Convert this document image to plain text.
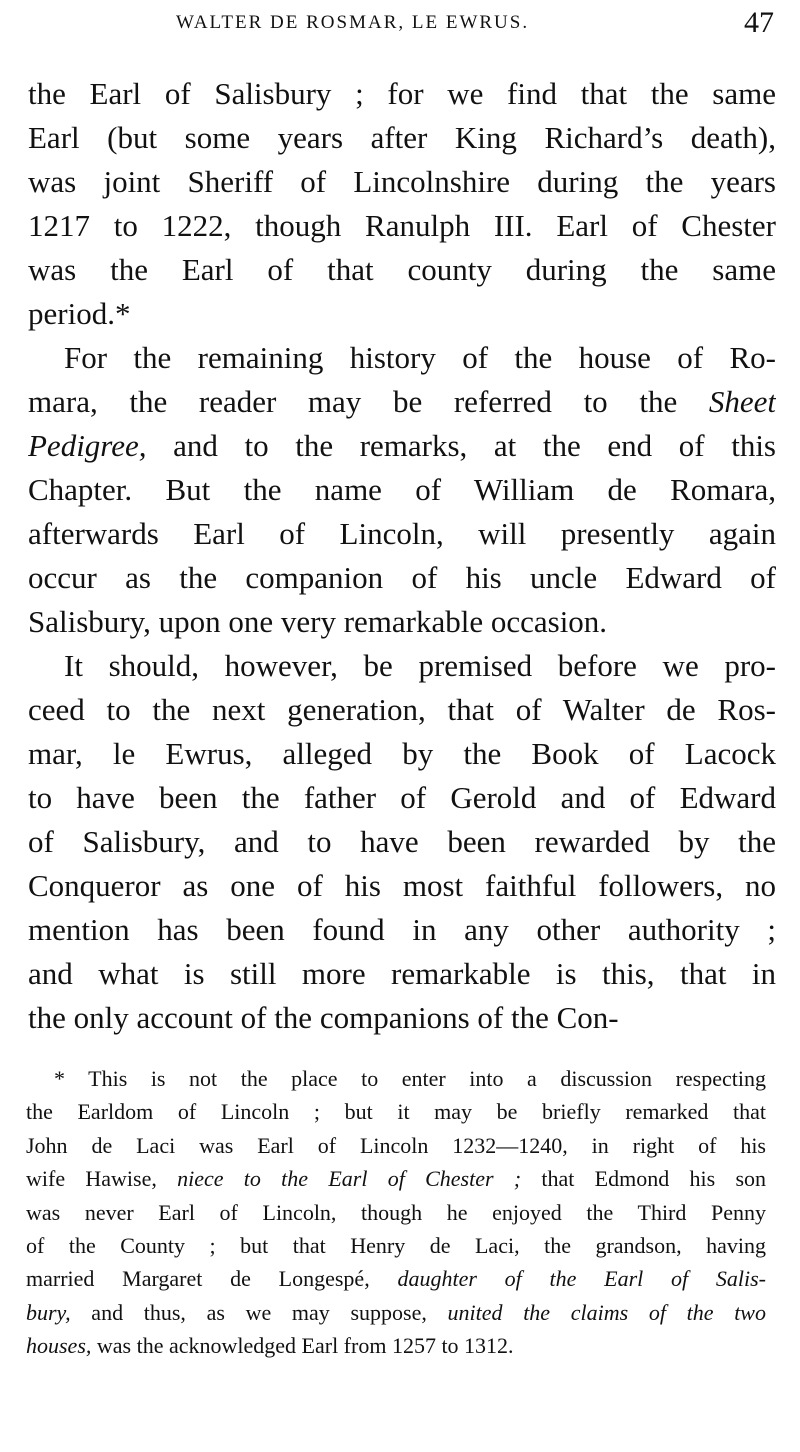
WALTER DE ROSMAR, LE EWRUS.	47
the Earl of Salisbury ; for we find that the same
Earl (but some years after King Richard’s death),
was joint Sheriff of Lincolnshire during the years
1217 to 1222, though Ranulph III. Earl of Chester
was the Earl of that county during the same
period.*
For the remaining history of the house of Ro-
mara, the reader may be referred to the Sheet
Pedigree, and to the remarks, at the end of this
Chapter. But the name of William de Romara,
afterwards Earl of Lincoln, will presently again
occur as the companion of his uncle Edward of
Salisbury, upon one very remarkable occasion.
It should, however, be premised before we pro-
ceed to the next generation, that of Walter de Ros-
mar, le Ewrus, alleged by the Book of Lacock
to have been the father of Gerold and of Edward
of Salisbury, and to have been rewarded by the
Conqueror as one of his most faithful followers, no
mention has been found in any other authority ;
and what is still more remarkable is this, that in
the only account of the companions of the Con-
* This is not the place to enter into a discussion respecting
the Earldom of Lincoln ; but it may be briefly remarked that
John de Laci was Earl of Lincoln 1232—1240, in right of his
wife Hawise, niece to the Earl of Chester ; that Edmond his son
was never Earl of Lincoln, though he enjoyed the Third Penny
of the County ; but that Henry de Laci, the grandson, having
married Margaret de Longespé, daughter of the Earl of Salis-
bury, and thus, as we may suppose, united the claims of the two
houses, was the acknowledged Earl from 1257 to 1312.
